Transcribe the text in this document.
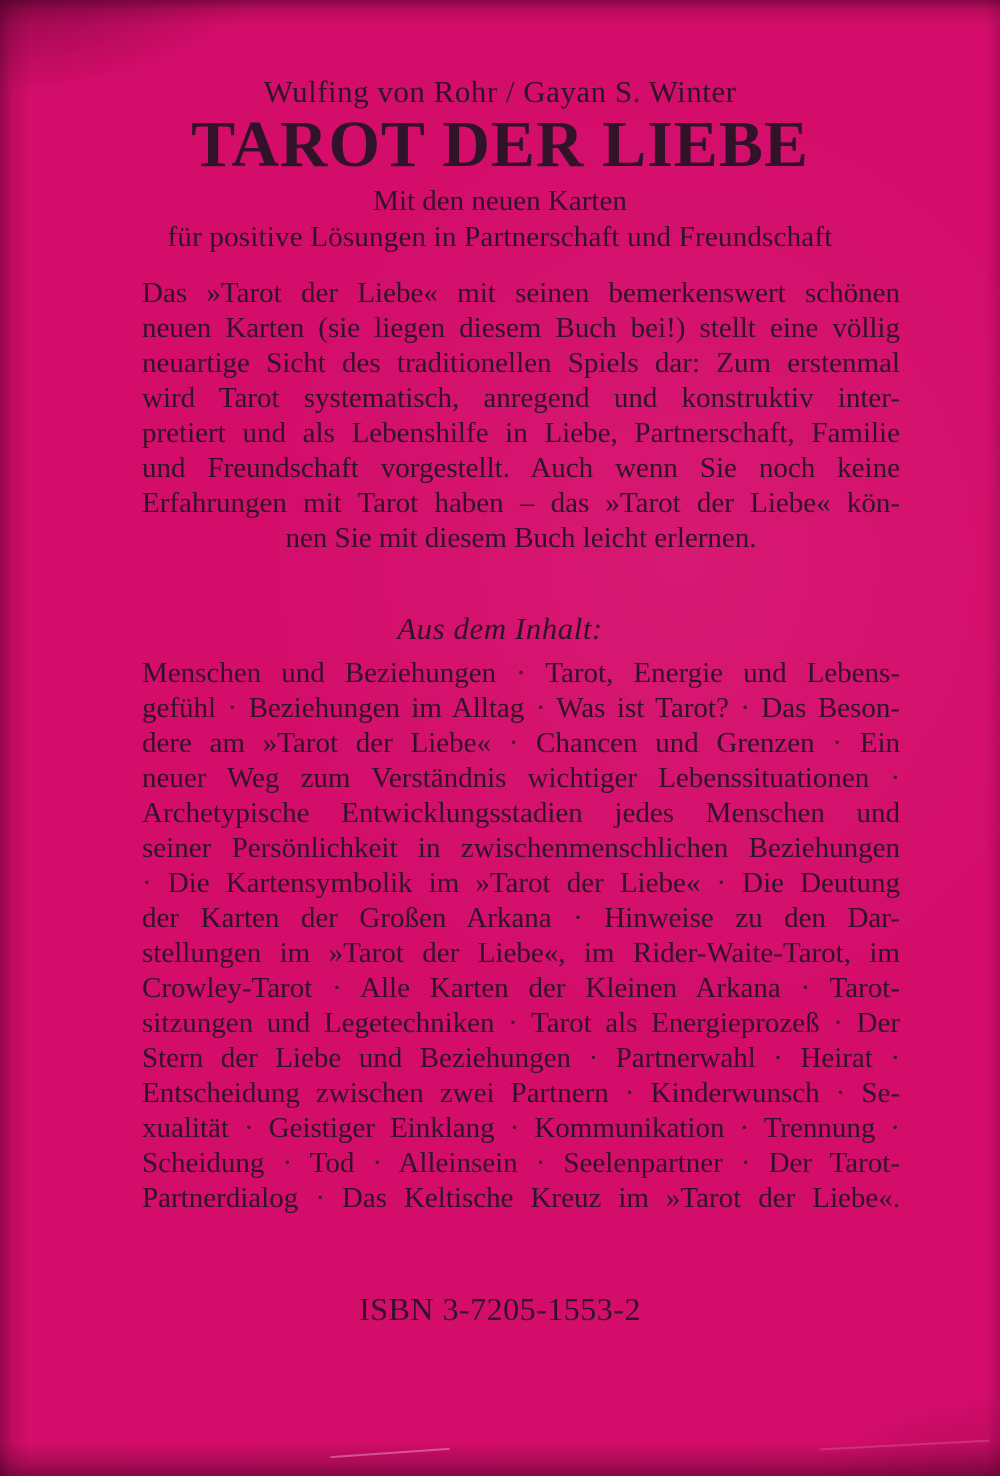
Wulfing von Rohr / Gayan S. Winter
TAROT DER LIEBE
Mit den neuen Karten
für positive Lösungen in Partnerschaft und Freundschaft
Das »Tarot der Liebe« mit seinen bemerkenswert schönen
neuen Karten (sie liegen diesem Buch bei!) stellt eine völlig
neuartige Sicht des traditionellen Spiels dar: Zum erstenmal
wird Tarot systematisch, anregend und konstruktiv inter-
pretiert und als Lebenshilfe in Liebe, Partnerschaft, Familie
und Freundschaft vorgestellt. Auch wenn Sie noch keine
Erfahrungen mit Tarot haben – das »Tarot der Liebe« kön-
nen Sie mit diesem Buch leicht erlernen.
Aus dem Inhalt:
Menschen und Beziehungen · Tarot, Energie und Lebens-
gefühl · Beziehungen im Alltag · Was ist Tarot? · Das Beson-
dere am »Tarot der Liebe« · Chancen und Grenzen · Ein
neuer Weg zum Verständnis wichtiger Lebenssituationen ·
Archetypische Entwicklungsstadien jedes Menschen und
seiner Persönlichkeit in zwischenmenschlichen Beziehungen
· Die Kartensymbolik im »Tarot der Liebe« · Die Deutung
der Karten der Großen Arkana · Hinweise zu den Dar-
stellungen im »Tarot der Liebe«, im Rider-Waite-Tarot, im
Crowley-Tarot · Alle Karten der Kleinen Arkana · Tarot-
sitzungen und Legetechniken · Tarot als Energieprozeß · Der
Stern der Liebe und Beziehungen · Partnerwahl · Heirat ·
Entscheidung zwischen zwei Partnern · Kinderwunsch · Se-
xualität · Geistiger Einklang · Kommunikation · Trennung ·
Scheidung · Tod · Alleinsein · Seelenpartner · Der Tarot-
Partnerdialog · Das Keltische Kreuz im »Tarot der Liebe«.
ISBN 3-7205-1553-2
